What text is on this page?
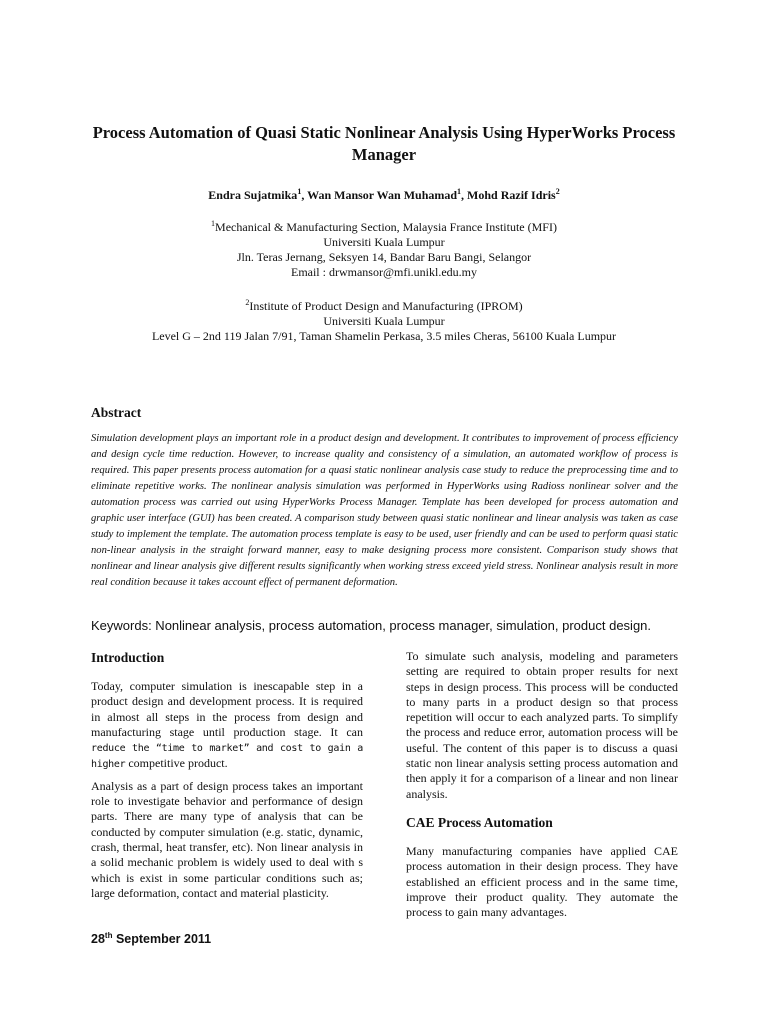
Process Automation of Quasi Static Nonlinear Analysis Using HyperWorks Process Manager
Endra Sujatmika$^1$, Wan Mansor Wan Muhamad$^1$, Mohd Razif Idris$^2$
$^1$Mechanical & Manufacturing Section, Malaysia France Institute (MFI)
Universiti Kuala Lumpur
Jln. Teras Jernang, Seksyen 14, Bandar Baru Bangi, Selangor
Email : drwmansor@mfi.unikl.edu.my
$^2$Institute of Product Design and Manufacturing (IPROM)
Universiti Kuala Lumpur
Level G – 2nd 119 Jalan 7/91, Taman Shamelin Perkasa, 3.5 miles Cheras, 56100 Kuala Lumpur
Abstract
Simulation development plays an important role in a product design and development. It contributes to improvement of process efficiency and design cycle time reduction. However, to increase quality and consistency of a simulation, an automated workflow of process is required. This paper presents process automation for a quasi static nonlinear analysis case study to reduce the preprocessing time and to eliminate repetitive works. The nonlinear analysis simulation was performed in HyperWorks using Radioss nonlinear solver and the automation process was carried out using HyperWorks Process Manager. Template has been developed for process automation and graphic user interface (GUI) has been created. A comparison study between quasi static nonlinear and linear analysis was taken as case study to implement the template. The automation process template is easy to be used, user friendly and can be used to perform quasi static non-linear analysis in the straight forward manner, easy to make designing process more consistent. Comparison study shows that nonlinear and linear analysis give different results significantly when working stress exceed yield stress. Nonlinear analysis result in more real condition because it takes account effect of permanent deformation.
Keywords: Nonlinear analysis, process automation, process manager, simulation, product design.
Introduction

Today, computer simulation is inescapable step in a product design and development process. It is required in almost all steps in the process from design and manufacturing stage until production stage. It can reduce the “time to market” and cost to gain a higher competitive product.

Analysis as a part of design process takes an important role to investigate behavior and performance of design parts. There are many type of analysis that can be conducted by computer simulation (e.g. static, dynamic, crash, thermal, heat transfer, etc). Non linear analysis in a solid mechanic problem is widely used to deal with s which is exist in some particular conditions such as; large deformation, contact and material plasticity.

To simulate such analysis, modeling and parameters setting are required to obtain proper results for next steps in design process. This process will be conducted to many parts in a product design so that process repetition will occur to each analyzed parts. To simplify the process and reduce error, automation process will be useful. The content of this paper is to discuss a quasi static non linear analysis setting process automation and then apply it for a comparison of a linear and non linear analysis.

CAE Process Automation

Many manufacturing companies have applied CAE process automation in their design process. They have established an efficient process and in the same time, improve their product quality. They automate the process to gain many advantages.

28th September 2011
